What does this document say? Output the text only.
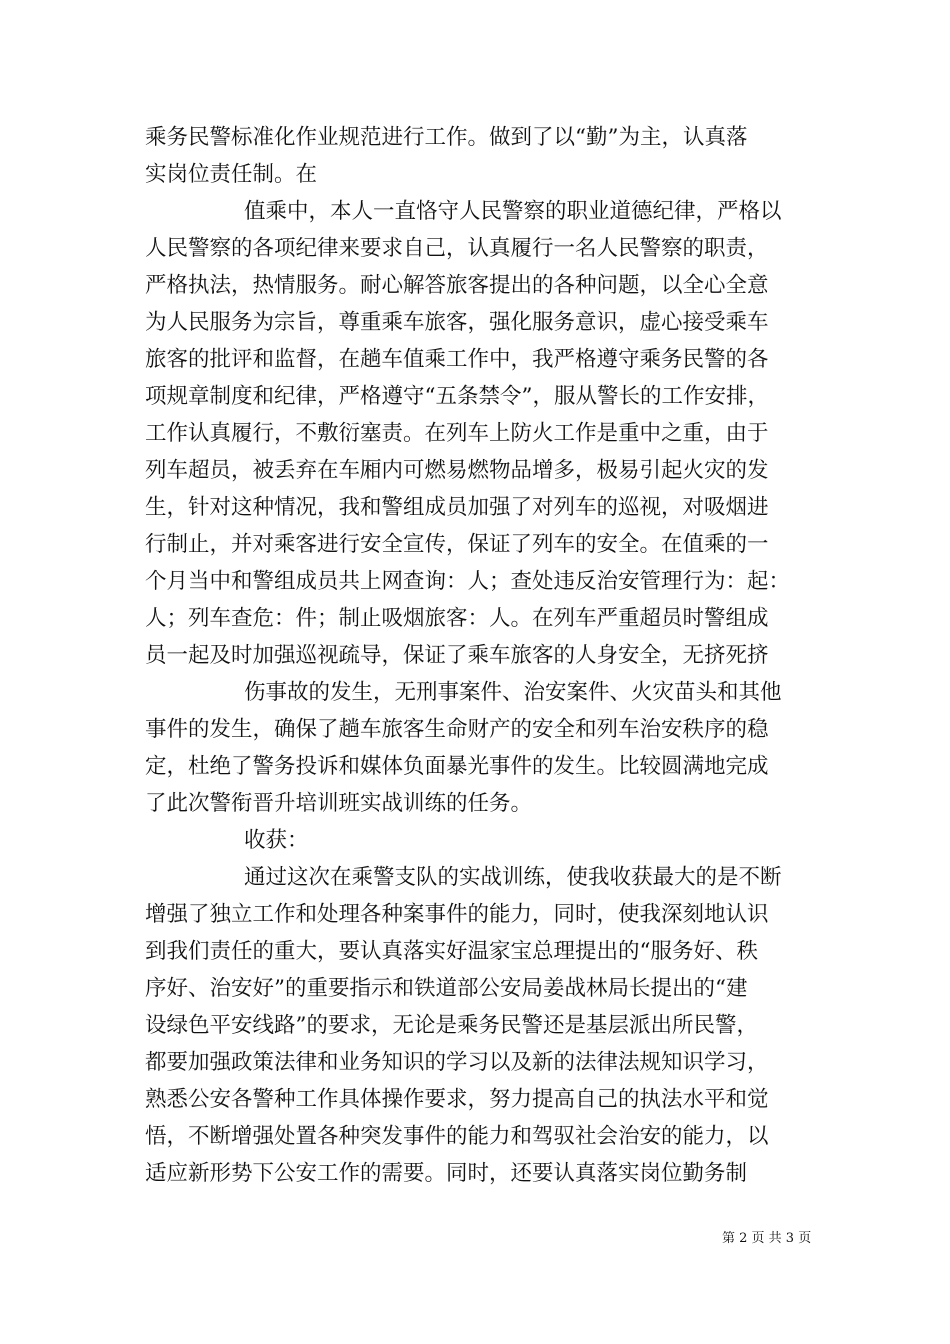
乘务民警标准化作业规范进行工作。做到了以“勤”为主，认真落
实岗位责任制。在
值乘中，本人一直恪守人民警察的职业道德纪律，严格以
人民警察的各项纪律来要求自己，认真履行一名人民警察的职责，
严格执法，热情服务。耐心解答旅客提出的各种问题，以全心全意
为人民服务为宗旨，尊重乘车旅客，强化服务意识，虚心接受乘车
旅客的批评和监督，在趟车值乘工作中，我严格遵守乘务民警的各
项规章制度和纪律，严格遵守“五条禁令”，服从警长的工作安排，
工作认真履行，不敷衍塞责。在列车上防火工作是重中之重，由于
列车超员，被丢弃在车厢内可燃易燃物品增多，极易引起火灾的发
生，针对这种情况，我和警组成员加强了对列车的巡视，对吸烟进
行制止，并对乘客进行安全宣传，保证了列车的安全。在值乘的一
个月当中和警组成员共上网查询：人；查处违反治安管理行为：起：
人；列车查危：件；制止吸烟旅客：人。在列车严重超员时警组成
员一起及时加强巡视疏导，保证了乘车旅客的人身安全，无挤死挤
伤事故的发生，无刑事案件、治安案件、火灾苗头和其他
事件的发生，确保了趟车旅客生命财产的安全和列车治安秩序的稳
定，杜绝了警务投诉和媒体负面暴光事件的发生。比较圆满地完成
了此次警衔晋升培训班实战训练的任务。
收获：
通过这次在乘警支队的实战训练，使我收获最大的是不断
增强了独立工作和处理各种案事件的能力，同时，使我深刻地认识
到我们责任的重大，要认真落实好温家宝总理提出的“服务好、秩
序好、治安好”的重要指示和铁道部公安局姜战林局长提出的“建
设绿色平安线路”的要求，无论是乘务民警还是基层派出所民警，
都要加强政策法律和业务知识的学习以及新的法律法规知识学习，
熟悉公安各警种工作具体操作要求，努力提高自己的执法水平和觉
悟，不断增强处置各种突发事件的能力和驾驭社会治安的能力，以
适应新形势下公安工作的需要。同时，还要认真落实岗位勤务制
第 2 页 共 3 页
